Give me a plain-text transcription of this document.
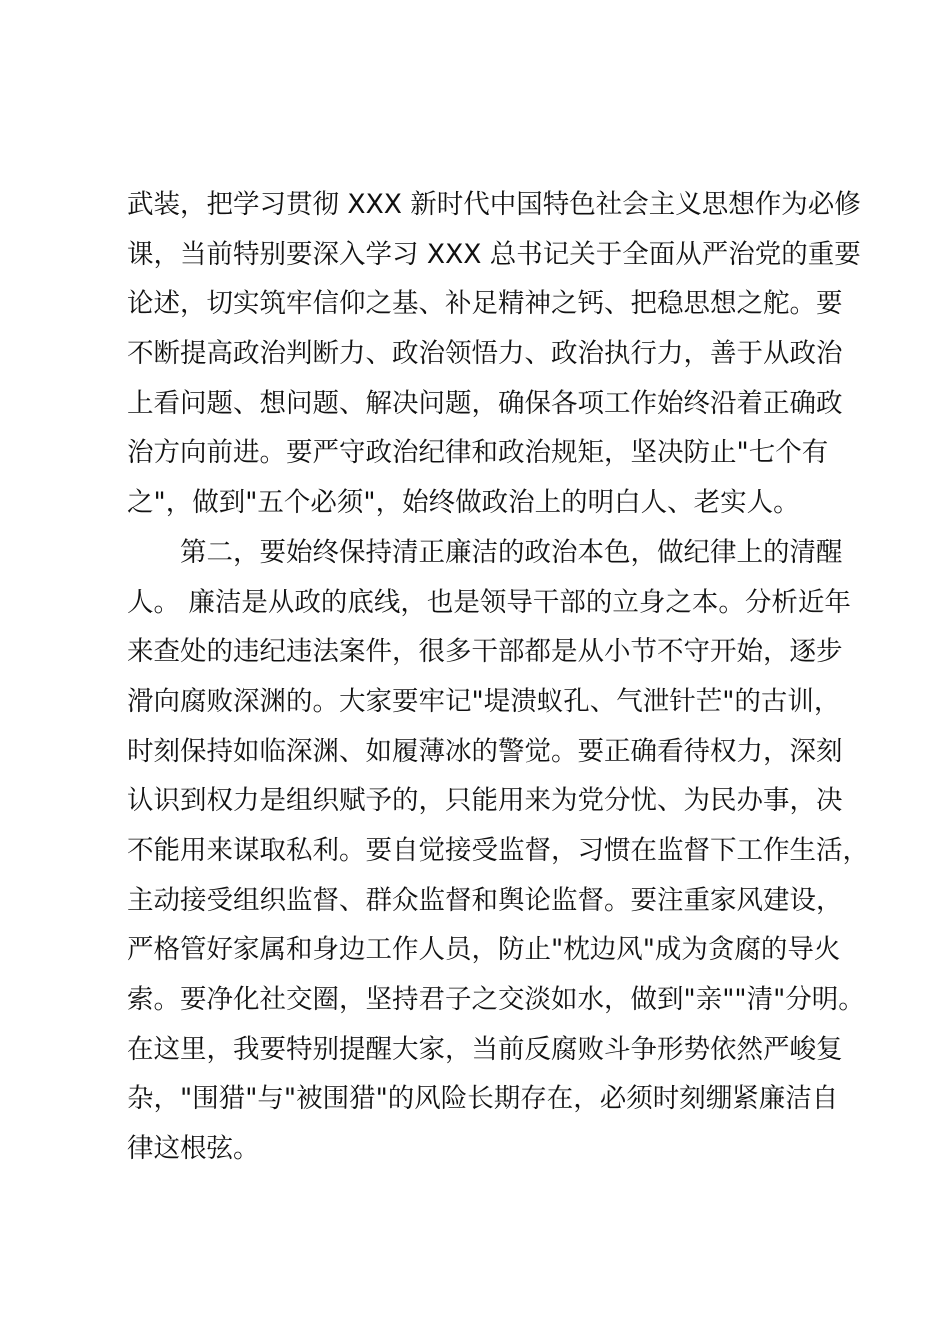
武装，把学习贯彻 XXX 新时代中国特色社会主义思想作为必修
课，当前特别要深入学习 XXX 总书记关于全面从严治党的重要
论述，切实筑牢信仰之基、补足精神之钙、把稳思想之舵。要
不断提高政治判断力、政治领悟力、政治执行力，善于从政治
上看问题、想问题、解决问题，确保各项工作始终沿着正确政
治方向前进。要严守政治纪律和政治规矩，坚决防止"七个有
之"，做到"五个必须"，始终做政治上的明白人、老实人。
　　第二，要始终保持清正廉洁的政治本色，做纪律上的清醒
人。 廉洁是从政的底线，也是领导干部的立身之本。分析近年
来查处的违纪违法案件，很多干部都是从小节不守开始，逐步
滑向腐败深渊的。大家要牢记"堤溃蚁孔、气泄针芒"的古训，
时刻保持如临深渊、如履薄冰的警觉。要正确看待权力，深刻
认识到权力是组织赋予的，只能用来为党分忧、为民办事，决
不能用来谋取私利。要自觉接受监督，习惯在监督下工作生活，
主动接受组织监督、群众监督和舆论监督。要注重家风建设，
严格管好家属和身边工作人员，防止"枕边风"成为贪腐的导火
索。要净化社交圈，坚持君子之交淡如水，做到"亲""清"分明。
在这里，我要特别提醒大家，当前反腐败斗争形势依然严峻复
杂，"围猎"与"被围猎"的风险长期存在，必须时刻绷紧廉洁自
律这根弦。
